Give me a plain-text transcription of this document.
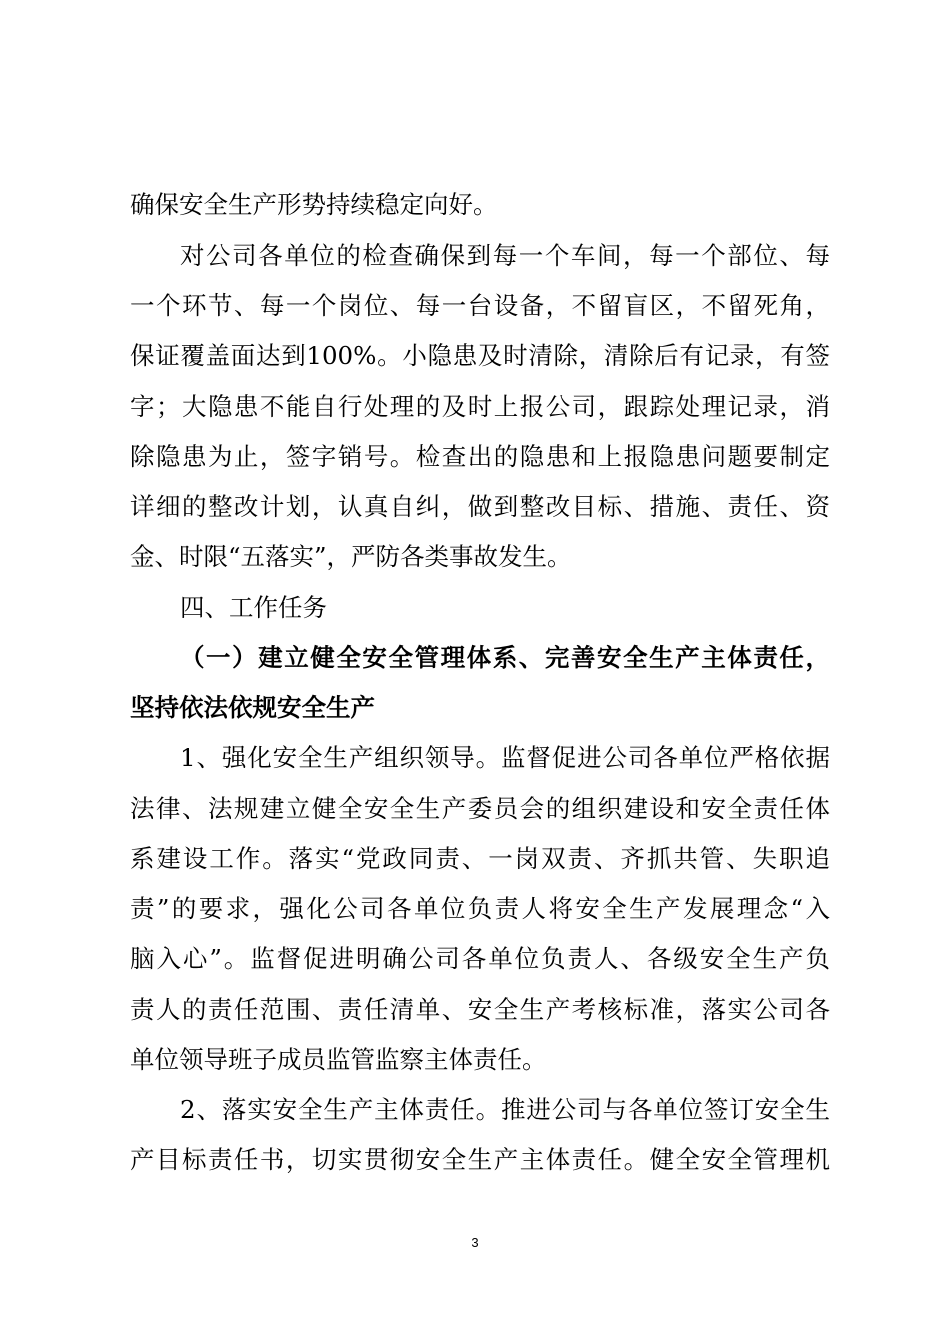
确保安全生产形势持续稳定向好。
对公司各单位的检查确保到每一个车间，每一个部位、每
一个环节、每一个岗位、每一台设备，不留盲区，不留死角，
保证覆盖面达到100%。小隐患及时清除，清除后有记录，有签
字；大隐患不能自行处理的及时上报公司，跟踪处理记录，消
除隐患为止，签字销号。检查出的隐患和上报隐患问题要制定
详细的整改计划，认真自纠，做到整改目标、措施、责任、资
金、时限“五落实”，严防各类事故发生。
四、工作任务
（一）建立健全安全管理体系、完善安全生产主体责任，
坚持依法依规安全生产
1、强化安全生产组织领导。监督促进公司各单位严格依据
法律、法规建立健全安全生产委员会的组织建设和安全责任体
系建设工作。落实“党政同责、一岗双责、齐抓共管、失职追
责”的要求，强化公司各单位负责人将安全生产发展理念“入
脑入心”。监督促进明确公司各单位负责人、各级安全生产负
责人的责任范围、责任清单、安全生产考核标准，落实公司各
单位领导班子成员监管监察主体责任。
2、落实安全生产主体责任。推进公司与各单位签订安全生
产目标责任书，切实贯彻安全生产主体责任。健全安全管理机
3
